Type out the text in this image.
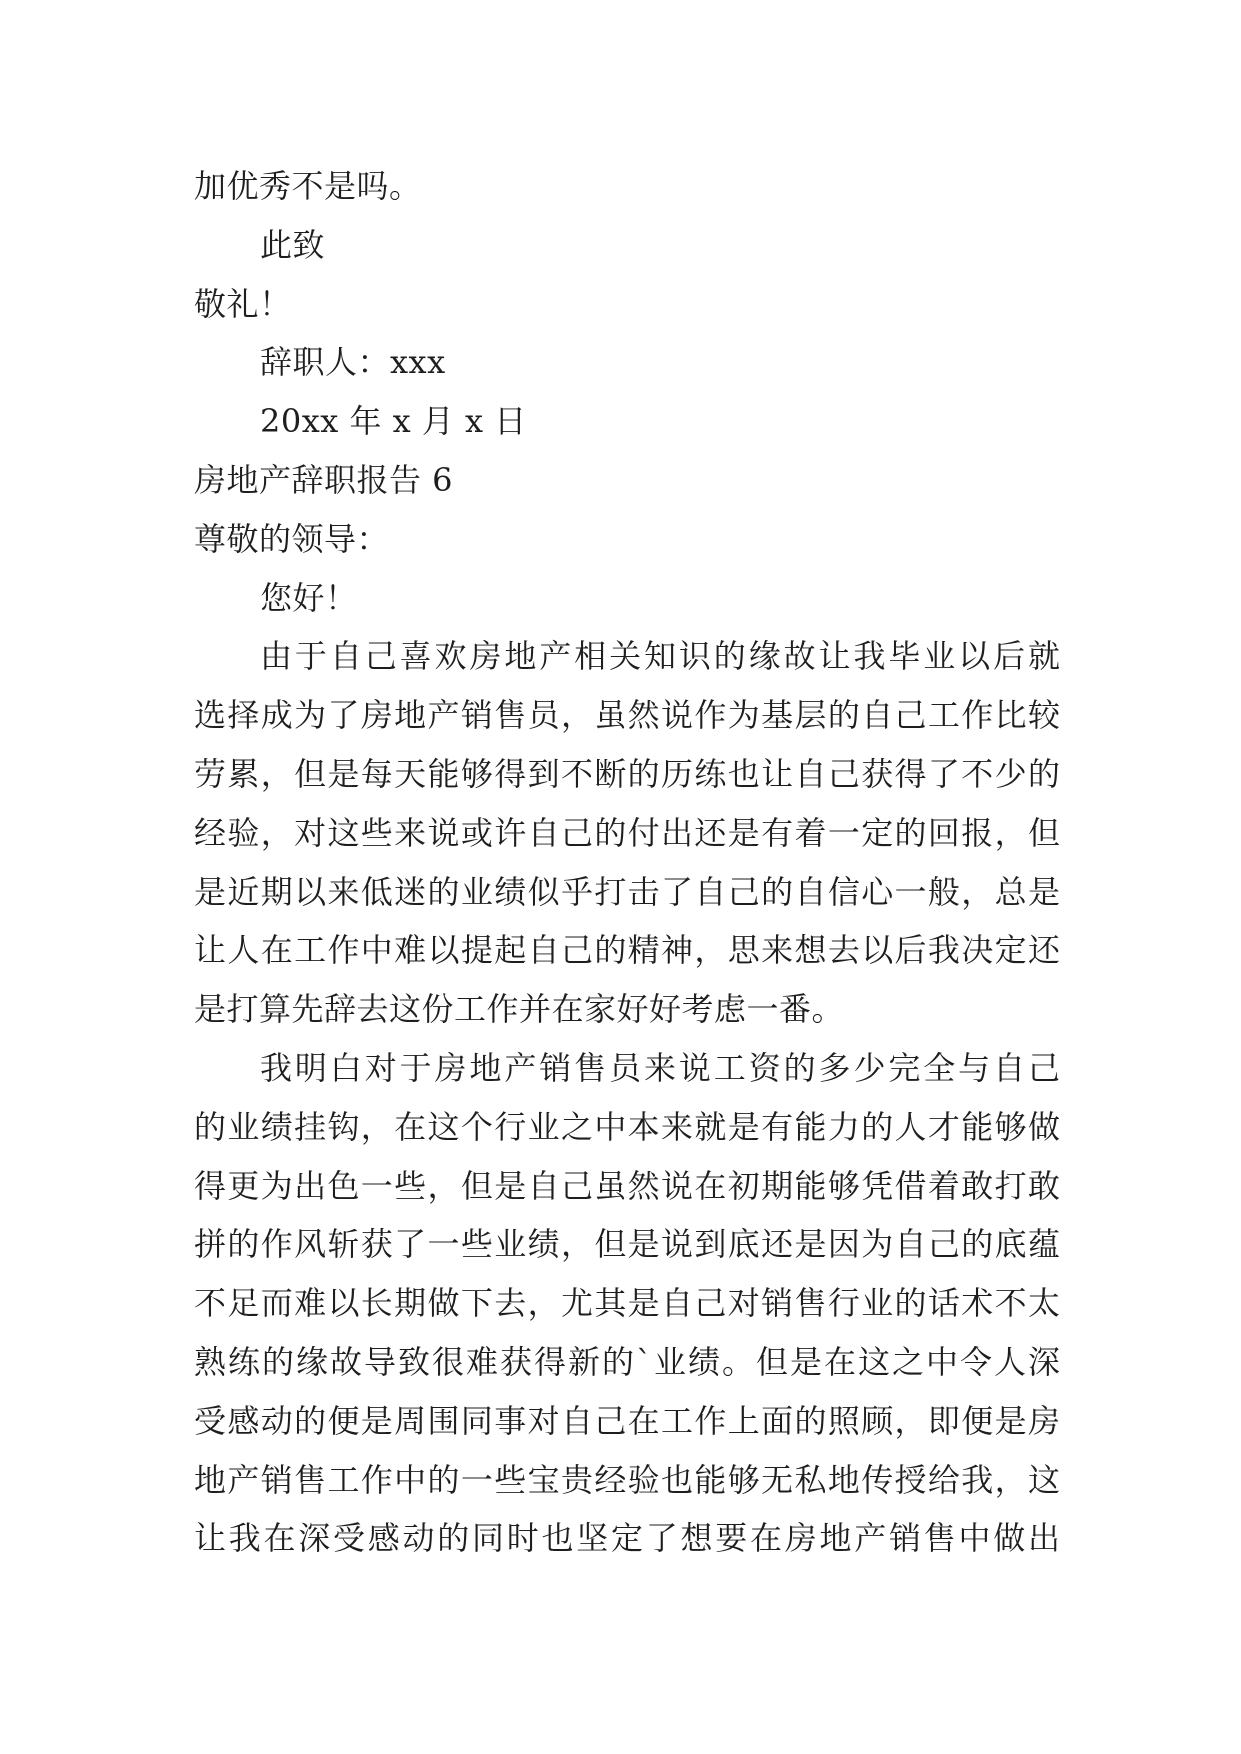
加优秀不是吗。
此致
敬礼！
辞职人：xxx
20xx 年 x 月 x 日
房地产辞职报告 6
尊敬的领导：
您好！
由于自己喜欢房地产相关知识的缘故让我毕业以后就
选择成为了房地产销售员，虽然说作为基层的自己工作比较
劳累，但是每天能够得到不断的历练也让自己获得了不少的
经验，对这些来说或许自己的付出还是有着一定的回报，但
是近期以来低迷的业绩似乎打击了自己的自信心一般，总是
让人在工作中难以提起自己的精神，思来想去以后我决定还
是打算先辞去这份工作并在家好好考虑一番。
我明白对于房地产销售员来说工资的多少完全与自己
的业绩挂钩，在这个行业之中本来就是有能力的人才能够做
得更为出色一些，但是自己虽然说在初期能够凭借着敢打敢
拼的作风斩获了一些业绩，但是说到底还是因为自己的底蕴
不足而难以长期做下去，尤其是自己对销售行业的话术不太
熟练的缘故导致很难获得新的`业绩。但是在这之中令人深
受感动的便是周围同事对自己在工作上面的照顾，即便是房
地产销售工作中的一些宝贵经验也能够无私地传授给我，这
让我在深受感动的同时也坚定了想要在房地产销售中做出
